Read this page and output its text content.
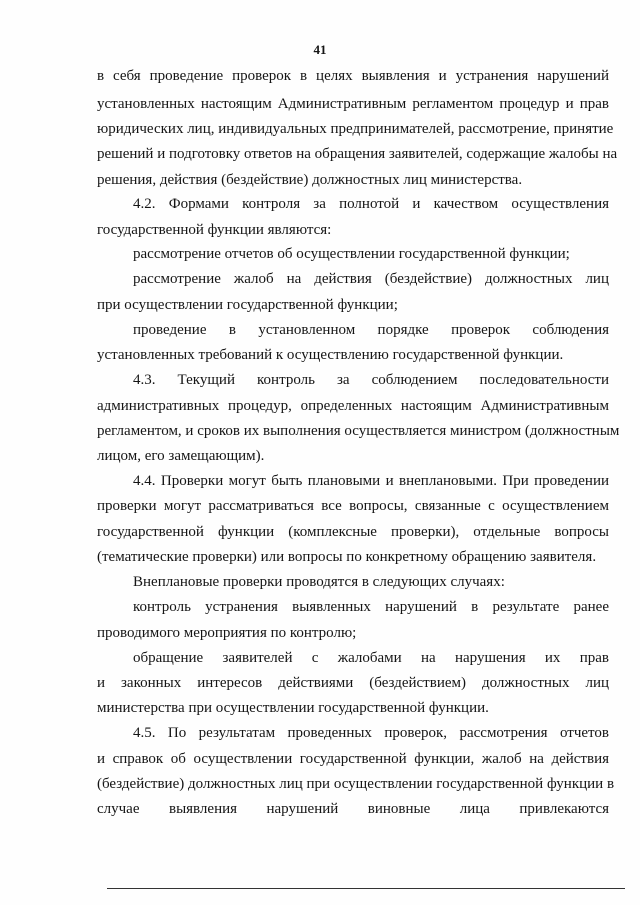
41
в себя проведение проверок в целях выявления и устранения нарушений
установленных настоящим Административным регламентом процедур и прав
юридических лиц, индивидуальных предпринимателей, рассмотрение, принятие
решений и подготовку ответов на обращения заявителей, содержащие жалобы на
решения, действия (бездействие) должностных лиц министерства.
4.2. Формами контроля за полнотой и качеством осуществления
государственной функции являются:
рассмотрение отчетов об осуществлении государственной функции;
рассмотрение жалоб на действия (бездействие) должностных лиц
при осуществлении государственной функции;
проведение в установленном порядке проверок соблюдения
установленных требований к осуществлению государственной функции.
4.3. Текущий контроль за соблюдением последовательности
административных процедур, определенных настоящим Административным
регламентом, и сроков их выполнения осуществляется министром (должностным
лицом, его замещающим).
4.4. Проверки могут быть плановыми и внеплановыми. При проведении
проверки могут рассматриваться все вопросы, связанные с осуществлением
государственной функции (комплексные проверки), отдельные вопросы
(тематические проверки) или вопросы по конкретному обращению заявителя.
Внеплановые проверки проводятся в следующих случаях:
контроль устранения выявленных нарушений в результате ранее
проводимого мероприятия по контролю;
обращение заявителей с жалобами на нарушения их прав
и законных интересов действиями (бездействием) должностных лиц
министерства при осуществлении государственной функции.
4.5. По результатам проведенных проверок, рассмотрения отчетов
и справок об осуществлении государственной функции, жалоб на действия
(бездействие) должностных лиц при осуществлении государственной функции в
случае выявления нарушений виновные лица привлекаются
